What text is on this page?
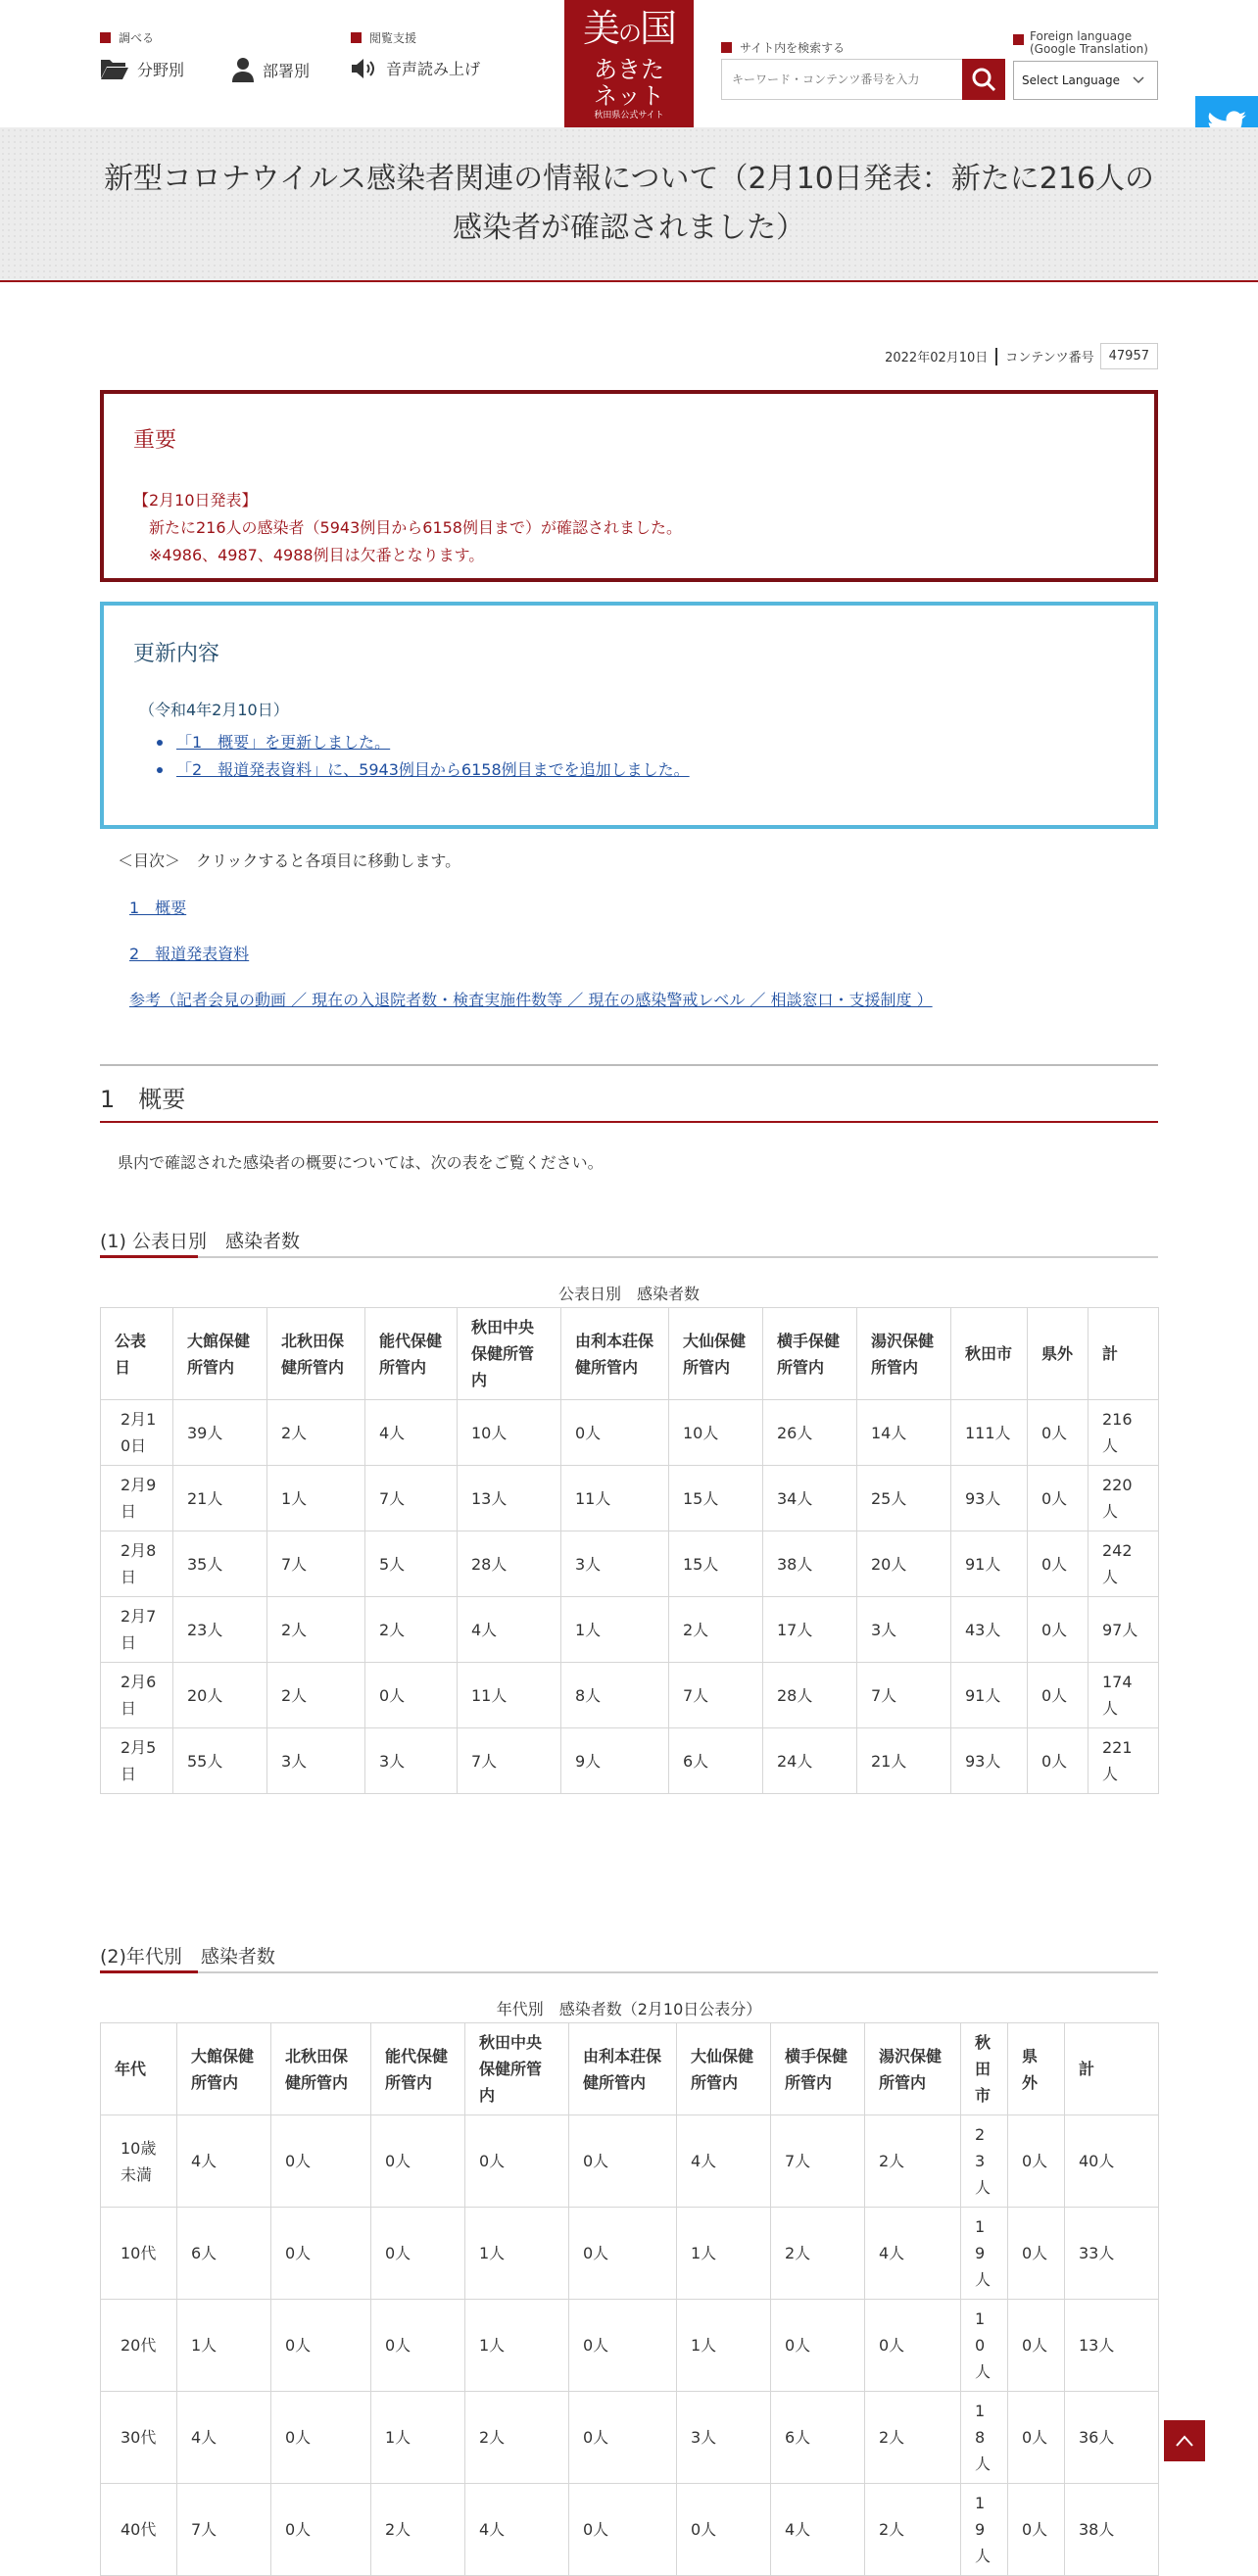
調べる	閲覧支援
分野別	部署別	音声読み上げ
美の国
あきた
ネット
秋田県公式サイト
サイト内を検索する
キーワード・コンテンツ番号を入力
Foreign language
(Google Translation)
Select Language
新型コロナウイルス感染者関連の情報について（2月10日発表：新たに216人の感染者が確認されました）
2022年02月10日 コンテンツ番号	47957
重要
【2月10日発表】
新たに216人の感染者（5943例目から6158例目まで）が確認されました。
※4986、4987、4988例目は欠番となります。
更新内容
（令和4年2月10日）
「1　概要」を更新しました。
「2　報道発表資料」に、5943例目から6158例目までを追加しました。
＜目次＞　クリックすると各項目に移動します。
1　概要
2　報道発表資料
参考（記者会見の動画 ／ 現在の入退院者数・検査実施件数等 ／ 現在の感染警戒レベル ／ 相談窓口・支援制度 ）
1　概要
県内で確認された感染者の概要については、次の表をご覧ください。
(1) 公表日別　感染者数
公表日別　感染者数
公表日	大館保健所管内	北秋田保健所管内	能代保健所管内	秋田中央保健所管内	由利本荘保健所管内	大仙保健所管内	横手保健所管内	湯沢保健所管内	秋田市	県外	計
2月10日	39人	2人	4人	10人	0人	10人	26人	14人	111人	0人	216人
2月9日	21人	1人	7人	13人	11人	15人	34人	25人	93人	0人	220人
2月8日	35人	7人	5人	28人	3人	15人	38人	20人	91人	0人	242人
2月7日	23人	2人	2人	4人	1人	2人	17人	3人	43人	0人	97人
2月6日	20人	2人	0人	11人	8人	7人	28人	7人	91人	0人	174人
2月5日	55人	3人	3人	7人	9人	6人	24人	21人	93人	0人	221人
(2)年代別　感染者数
年代別　感染者数（2月10日公表分）
年代	大館保健所管内	北秋田保健所管内	能代保健所管内	秋田中央保健所管内	由利本荘保健所管内	大仙保健所管内	横手保健所管内	湯沢保健所管内	秋田市	県外	計
10歳未満	4人	0人	0人	0人	0人	4人	7人	2人	23人	0人	40人
10代	6人	0人	0人	1人	0人	1人	2人	4人	19人	0人	33人
20代	1人	0人	0人	1人	0人	1人	0人	0人	10人	0人	13人
30代	4人	0人	1人	2人	0人	3人	6人	2人	18人	0人	36人
40代	7人	0人	2人	4人	0人	0人	4人	2人	19人	0人	38人
